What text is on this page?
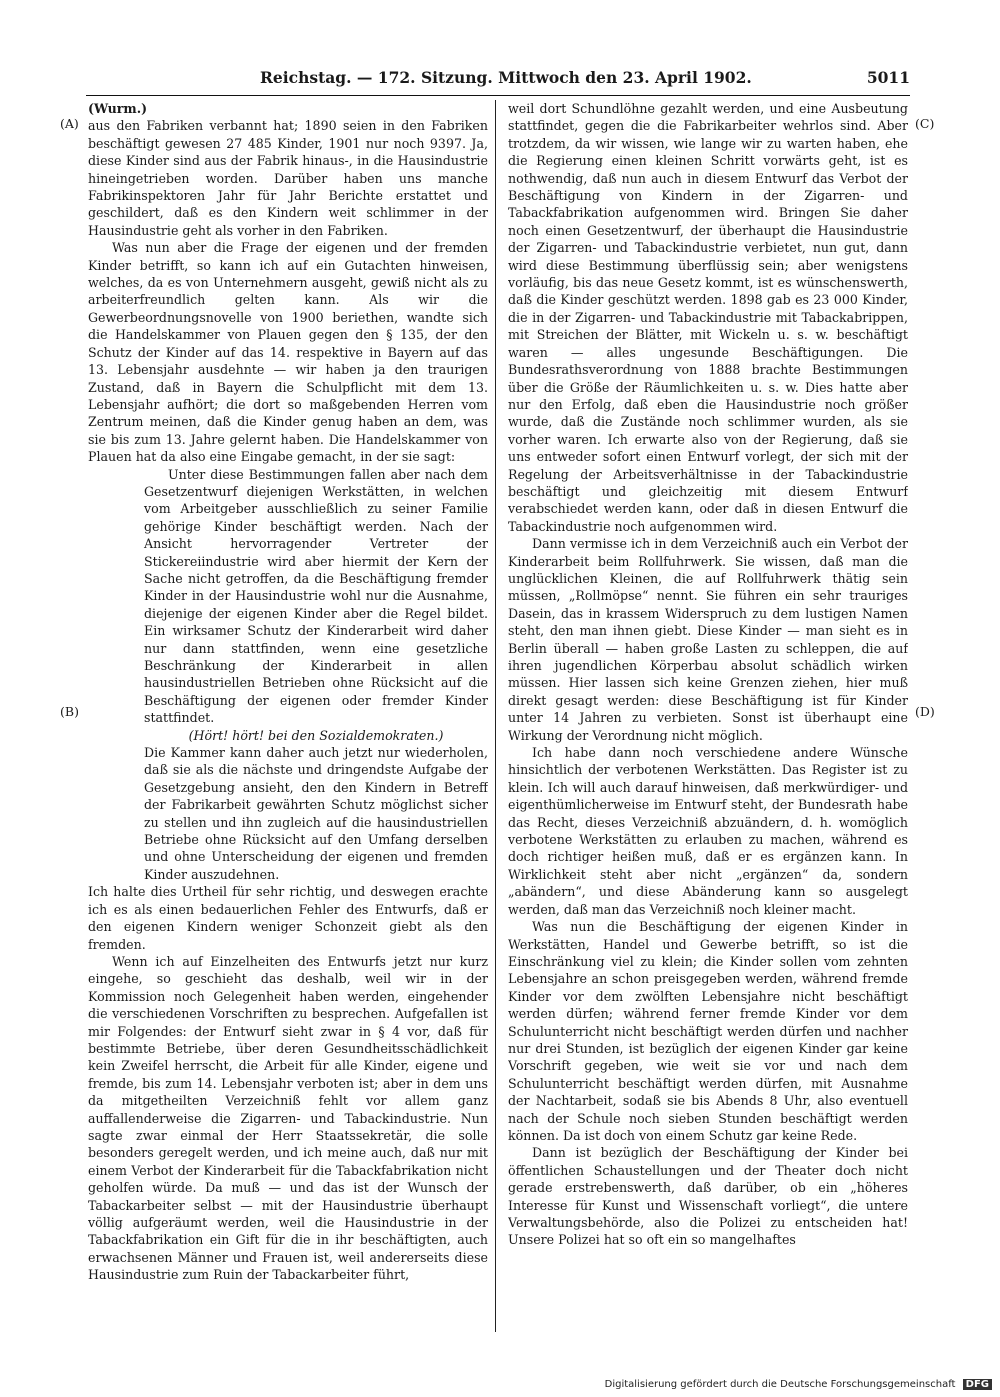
Reichstag. — 172. Sitzung. Mittwoch den 23. April 1902.	5011
(A)
(B)
(C)
(D)

(Wurm.)

aus den Fabriken verbannt hat; 1890 seien in den Fabriken beschäftigt gewesen 27 485 Kinder, 1901 nur noch 9397. Ja, diese Kinder sind aus der Fabrik hinaus-, in die Hausindustrie hineingetrieben worden. Darüber haben uns manche Fabrikinspektoren Jahr für Jahr Berichte erstattet und geschildert, daß es den Kindern weit schlimmer in der Hausindustrie geht als vorher in den Fabriken.

Was nun aber die Frage der eigenen und der fremden Kinder betrifft, so kann ich auf ein Gutachten hinweisen, welches, da es von Unternehmern ausgeht, gewiß nicht als zu arbeiterfreundlich gelten kann. Als wir die Gewerbeordnungsnovelle von 1900 beriethen, wandte sich die Handelskammer von Plauen gegen den § 135, der den Schutz der Kinder auf das 14. respektive in Bayern auf das 13. Lebensjahr ausdehnte — wir haben ja den traurigen Zustand, daß in Bayern die Schulpflicht mit dem 13. Lebensjahr aufhört; die dort so maßgebenden Herren vom Zentrum meinen, daß die Kinder genug haben an dem, was sie bis zum 13. Jahre gelernt haben. Die Handelskammer von Plauen hat da also eine Eingabe gemacht, in der sie sagt:

Unter diese Bestimmungen fallen aber nach dem Gesetzentwurf diejenigen Werkstätten, in welchen vom Arbeitgeber ausschließlich zu seiner Familie gehörige Kinder beschäftigt werden. Nach der Ansicht hervorragender Vertreter der Stickereiindustrie wird aber hiermit der Kern der Sache nicht getroffen, da die Beschäftigung fremder Kinder in der Hausindustrie wohl nur die Ausnahme, diejenige der eigenen Kinder aber die Regel bildet. Ein wirksamer Schutz der Kinderarbeit wird daher nur dann stattfinden, wenn eine gesetzliche Beschränkung der Kinderarbeit in allen hausindustriellen Betrieben ohne Rücksicht auf die Beschäftigung der eigenen oder fremder Kinder stattfindet.

(Hört! hört! bei den Sozialdemokraten.)

Die Kammer kann daher auch jetzt nur wiederholen, daß sie als die nächste und dringendste Aufgabe der Gesetzgebung ansieht, den den Kindern in Betreff der Fabrikarbeit gewährten Schutz möglichst sicher zu stellen und ihn zugleich auf die hausindustriellen Betriebe ohne Rücksicht auf den Umfang derselben und ohne Unterscheidung der eigenen und fremden Kinder auszudehnen.

Ich halte dies Urtheil für sehr richtig, und deswegen erachte ich es als einen bedauerlichen Fehler des Entwurfs, daß er den eigenen Kindern weniger Schonzeit giebt als den fremden.

Wenn ich auf Einzelheiten des Entwurfs jetzt nur kurz eingehe, so geschieht das deshalb, weil wir in der Kommission noch Gelegenheit haben werden, eingehender die verschiedenen Vorschriften zu besprechen. Aufgefallen ist mir Folgendes: der Entwurf sieht zwar in § 4 vor, daß für bestimmte Betriebe, über deren Gesundheitsschädlichkeit kein Zweifel herrscht, die Arbeit für alle Kinder, eigene und fremde, bis zum 14. Lebensjahr verboten ist; aber in dem uns da mitgetheilten Verzeichniß fehlt vor allem ganz auffallenderweise die Zigarren- und Tabackindustrie. Nun sagte zwar einmal der Herr Staatssekretär, die solle besonders geregelt werden, und ich meine auch, daß nur mit einem Verbot der Kinderarbeit für die Tabackfabrikation nicht geholfen würde. Da muß — und das ist der Wunsch der Tabackarbeiter selbst — mit der Hausindustrie überhaupt völlig aufgeräumt werden, weil die Hausindustrie in der Tabackfabrikation ein Gift für die in ihr beschäftigten, auch erwachsenen Männer und Frauen ist, weil andererseits diese Hausindustrie zum Ruin der Tabackarbeiter führt,

weil dort Schundlöhne gezahlt werden, und eine Ausbeutung stattfindet, gegen die die Fabrikarbeiter wehrlos sind. Aber trotzdem, da wir wissen, wie lange wir zu warten haben, ehe die Regierung einen kleinen Schritt vorwärts geht, ist es nothwendig, daß nun auch in diesem Entwurf das Verbot der Beschäftigung von Kindern in der Zigarren- und Tabackfabrikation aufgenommen wird. Bringen Sie daher noch einen Gesetzentwurf, der überhaupt die Hausindustrie der Zigarren- und Tabackindustrie verbietet, nun gut, dann wird diese Bestimmung überflüssig sein; aber wenigstens vorläufig, bis das neue Gesetz kommt, ist es wünschenswerth, daß die Kinder geschützt werden. 1898 gab es 23 000 Kinder, die in der Zigarren- und Tabackindustrie mit Tabackabrippen, mit Streichen der Blätter, mit Wickeln u. s. w. beschäftigt waren — alles ungesunde Beschäftigungen. Die Bundesrathsverordnung von 1888 brachte Bestimmungen über die Größe der Räumlichkeiten u. s. w. Dies hatte aber nur den Erfolg, daß eben die Hausindustrie noch größer wurde, daß die Zustände noch schlimmer wurden, als sie vorher waren. Ich erwarte also von der Regierung, daß sie uns entweder sofort einen Entwurf vorlegt, der sich mit der Regelung der Arbeitsverhältnisse in der Tabackindustrie beschäftigt und gleichzeitig mit diesem Entwurf verabschiedet werden kann, oder daß in diesen Entwurf die Tabackindustrie noch aufgenommen wird.

Dann vermisse ich in dem Verzeichniß auch ein Verbot der Kinderarbeit beim Rollfuhrwerk. Sie wissen, daß man die unglücklichen Kleinen, die auf Rollfuhrwerk thätig sein müssen, „Rollmöpse“ nennt. Sie führen ein sehr trauriges Dasein, das in krassem Widerspruch zu dem lustigen Namen steht, den man ihnen giebt. Diese Kinder — man sieht es in Berlin überall — haben große Lasten zu schleppen, die auf ihren jugendlichen Körperbau absolut schädlich wirken müssen. Hier lassen sich keine Grenzen ziehen, hier muß direkt gesagt werden: diese Beschäftigung ist für Kinder unter 14 Jahren zu verbieten. Sonst ist überhaupt eine Wirkung der Verordnung nicht möglich.

Ich habe dann noch verschiedene andere Wünsche hinsichtlich der verbotenen Werkstätten. Das Register ist zu klein. Ich will auch darauf hinweisen, daß merkwürdiger- und eigenthümlicherweise im Entwurf steht, der Bundesrath habe das Recht, dieses Verzeichniß abzuändern, d. h. womöglich verbotene Werkstätten zu erlauben zu machen, während es doch richtiger heißen muß, daß er es ergänzen kann. In Wirklichkeit steht aber nicht „ergänzen“ da, sondern „abändern“, und diese Abänderung kann so ausgelegt werden, daß man das Verzeichniß noch kleiner macht.

Was nun die Beschäftigung der eigenen Kinder in Werkstätten, Handel und Gewerbe betrifft, so ist die Einschränkung viel zu klein; die Kinder sollen vom zehnten Lebensjahre an schon preisgegeben werden, während fremde Kinder vor dem zwölften Lebensjahre nicht beschäftigt werden dürfen; während ferner fremde Kinder vor dem Schulunterricht nicht beschäftigt werden dürfen und nachher nur drei Stunden, ist bezüglich der eigenen Kinder gar keine Vorschrift gegeben, wie weit sie vor und nach dem Schulunterricht beschäftigt werden dürfen, mit Ausnahme der Nachtarbeit, sodaß sie bis Abends 8 Uhr, also eventuell nach der Schule noch sieben Stunden beschäftigt werden können. Da ist doch von einem Schutz gar keine Rede.

Dann ist bezüglich der Beschäftigung der Kinder bei öffentlichen Schaustellungen und der Theater doch nicht gerade erstrebenswerth, daß darüber, ob ein „höheres Interesse für Kunst und Wissenschaft vorliegt“, die untere Verwaltungsbehörde, also die Polizei zu entscheiden hat! Unsere Polizei hat so oft ein so mangelhaftes

Digitalisierung gefördert durch die Deutsche Forschungsgemeinschaft DFG
